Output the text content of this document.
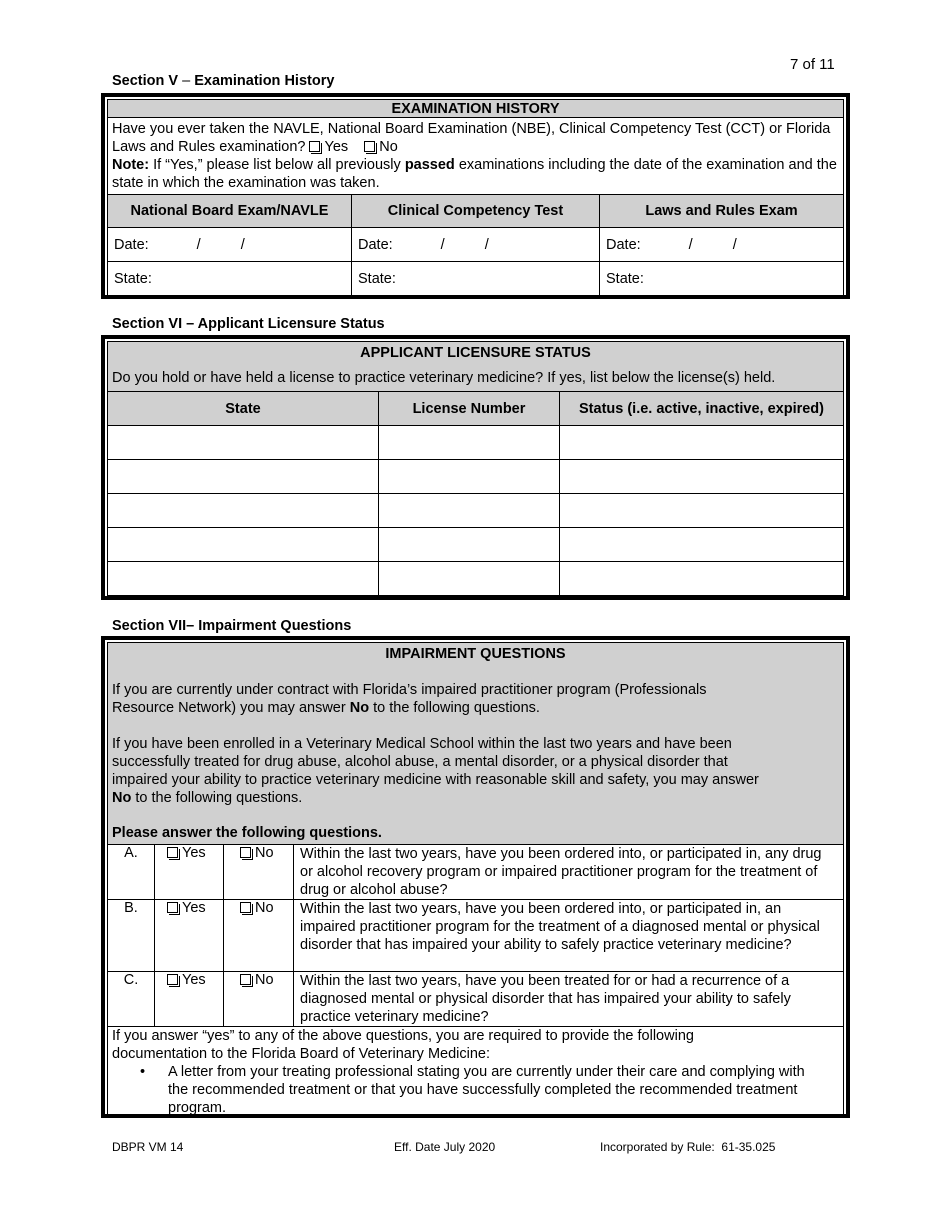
7 of 11
Section V – Examination History
EXAMINATION HISTORY		
Have you ever taken the NAVLE, National Board Examination (NBE), Clinical Competency Test (CCT) or Florida Laws and Rules examination? Yes No
Note: If “Yes,” please list below all previously passed examinations including the date of the examination and the state in which the examination was taken.		
National Board Exam/NAVLE	Clinical Competency Test	Laws and Rules Exam
Date: / /	Date: / /	Date: / /
State:	State:	State:
Section VI – Applicant Licensure Status
APPLICANT LICENSURE STATUS
Do you hold or have held a license to practice veterinary medicine? If yes, list below the license(s) held.		

State	License Number	Status (i.e. active, inactive, expired)

Section VII– Impairment Questions
IMPAIRMENT QUESTIONS

If you are currently under contract with Florida’s impaired practitioner program (Professionals Resource Network) you may answer No to the following questions.

If you have been enrolled in a Veterinary Medical School within the last two years and have been successfully treated for drug abuse, alcohol abuse, a mental disorder, or a physical disorder that impaired your ability to practice veterinary medicine with reasonable skill and safety, you may answer No to the following questions.

Please answer the following questions.			
A.	Yes	No	Within the last two years, have you been ordered into, or participated in, any drug or alcohol recovery program or impaired practitioner program for the treatment of drug or alcohol abuse?
B.	Yes	No	Within the last two years, have you been ordered into, or participated in, an impaired practitioner program for the treatment of a diagnosed mental or physical disorder that has impaired your ability to safely practice veterinary medicine?
C.	Yes	No	Within the last two years, have you been treated for or had a recurrence of a diagnosed mental or physical disorder that has impaired your ability to safely practice veterinary medicine?

If you answer “yes” to any of the above questions, you are required to provide the following documentation to the Florida Board of Veterinary Medicine:

• A letter from your treating professional stating you are currently under their care and complying with the recommended treatment or that you have successfully completed the recommended treatment program.			
DBPR VM 14	Eff. Date July 2020	Incorporated by Rule:  61-35.025
